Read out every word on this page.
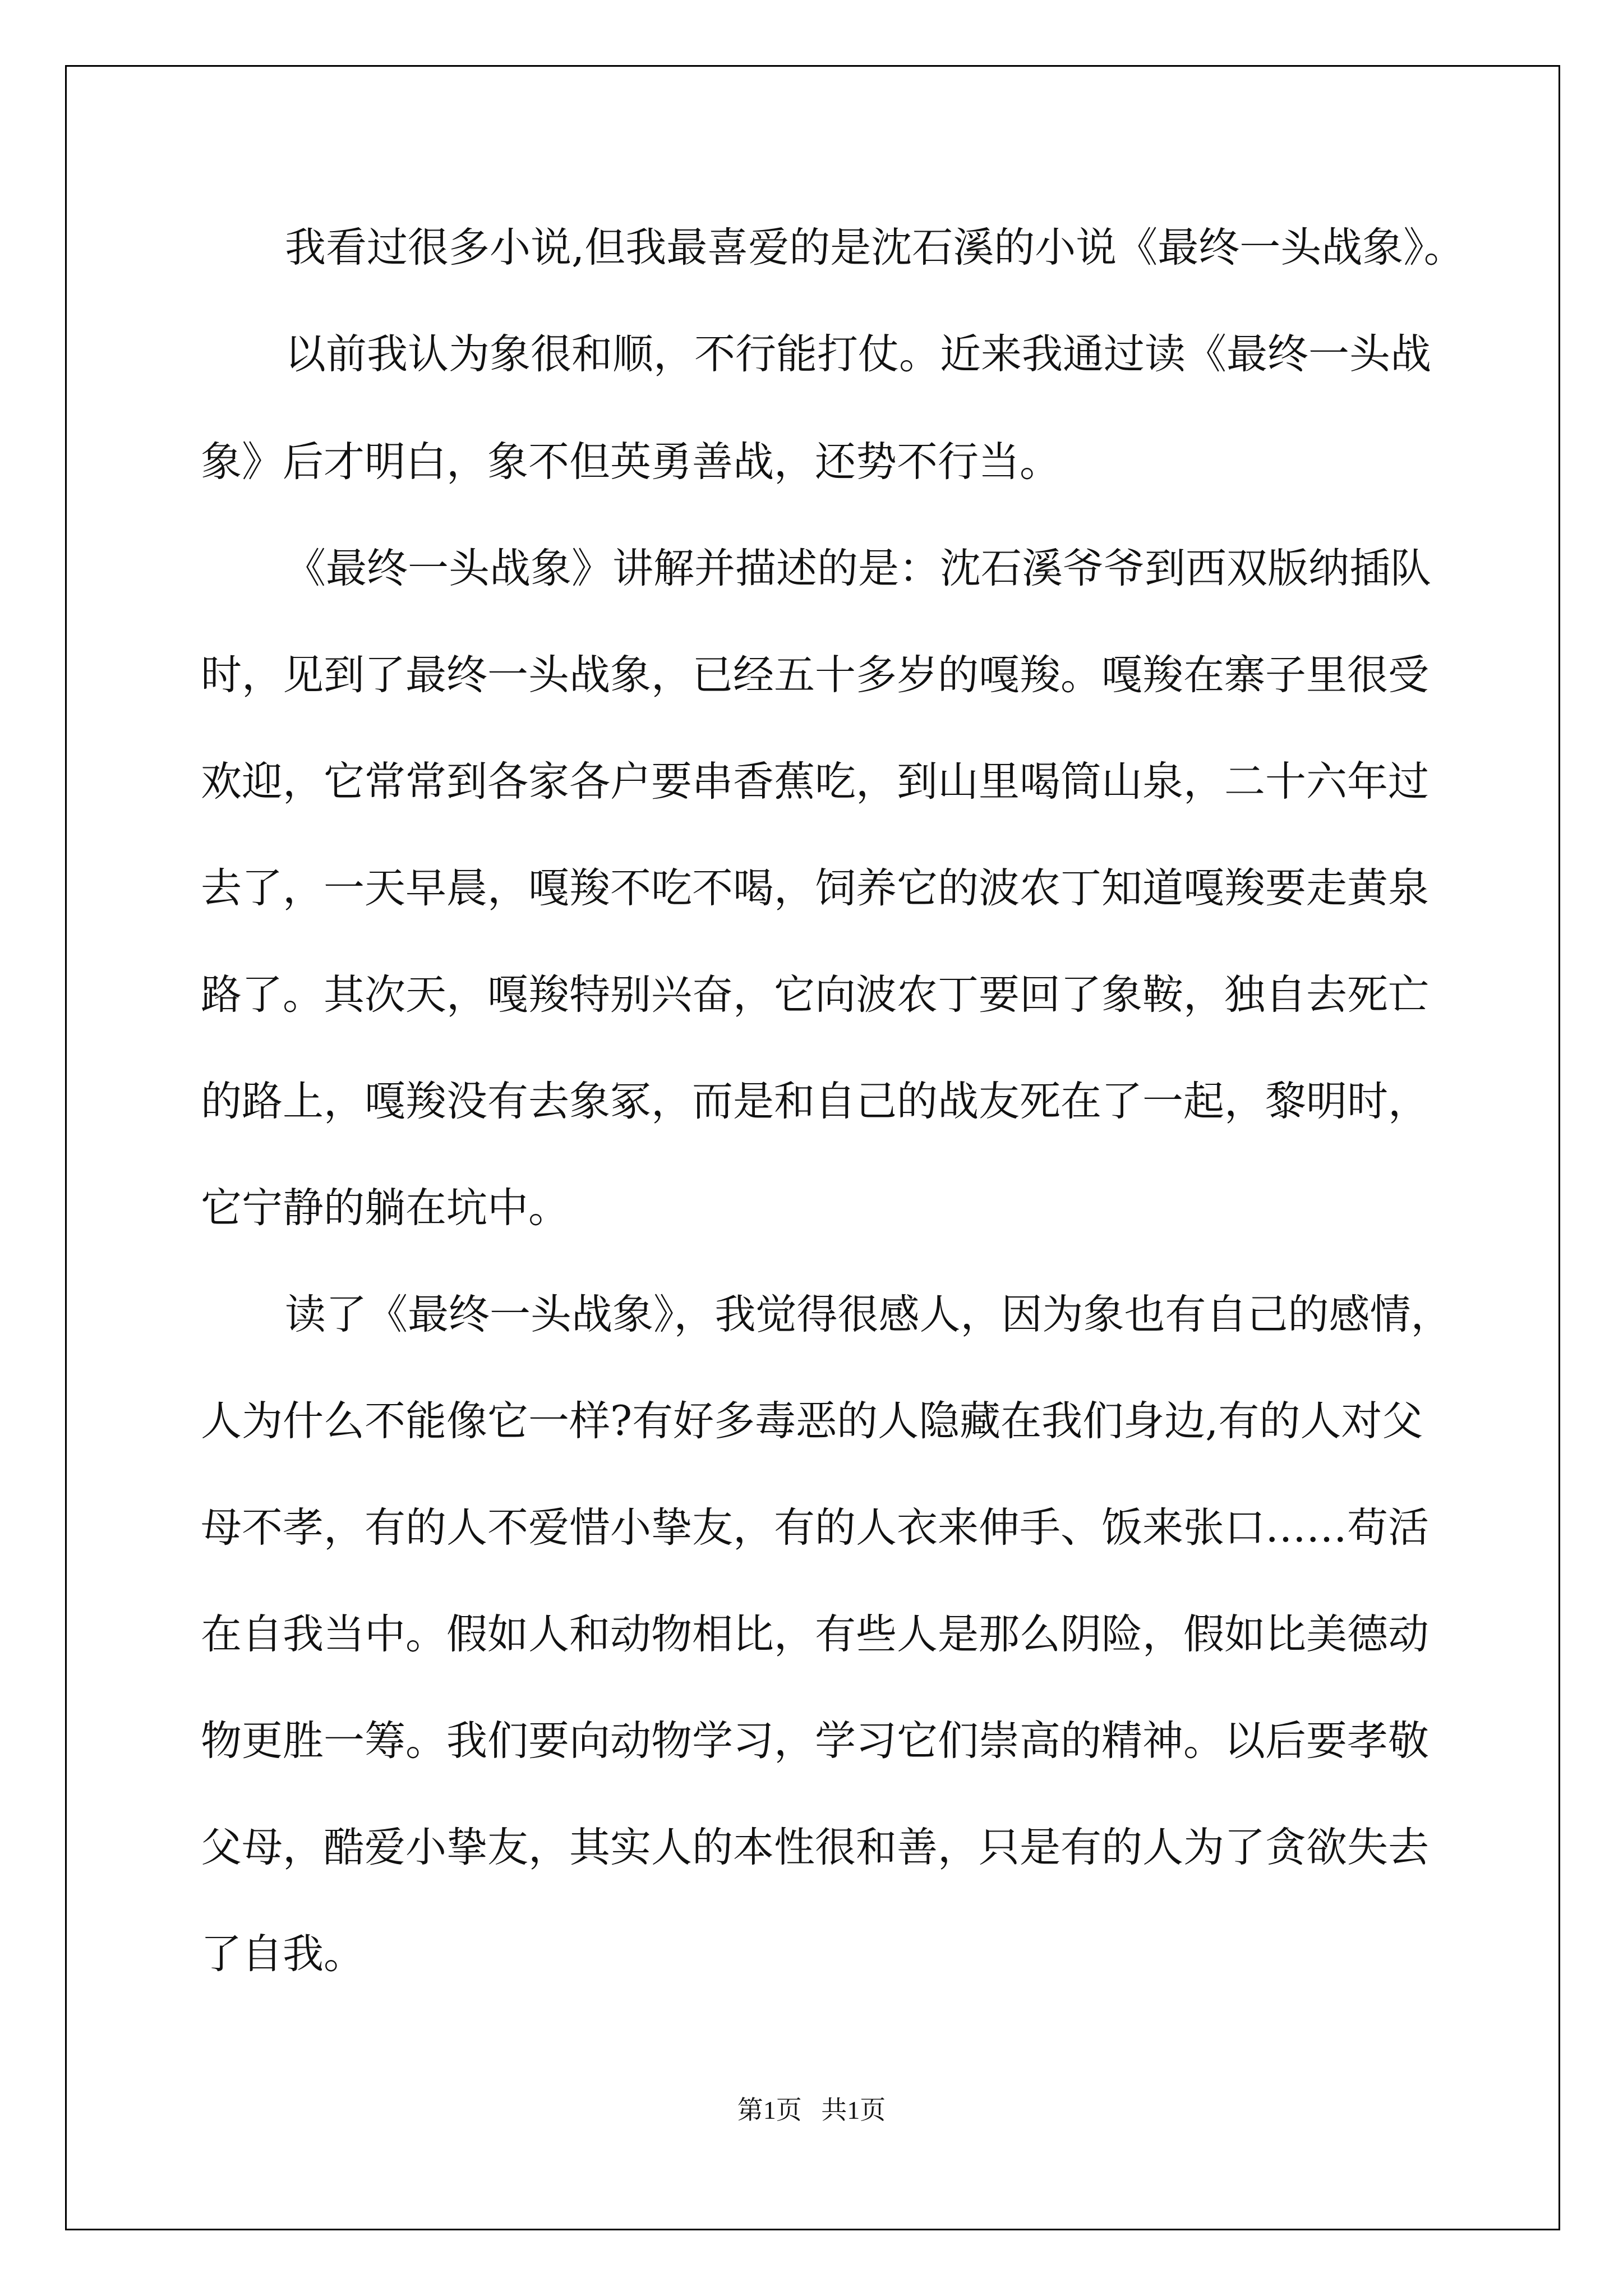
我看过很多小说,但我最喜爱的是沈石溪的小说《最终一头战象》。

以前我认为象很和顺，不行能打仗。近来我通过读《最终一头战

象》后才明白，象不但英勇善战，还势不行当。

《最终一头战象》讲解并描述的是：沈石溪爷爷到西双版纳插队

时，见到了最终一头战象，已经五十多岁的嘎羧。嘎羧在寨子里很受

欢迎，它常常到各家各户要串香蕉吃，到山里喝筒山泉，二十六年过

去了，一天早晨，嘎羧不吃不喝，饲养它的波农丁知道嘎羧要走黄泉

路了。其次天，嘎羧特别兴奋，它向波农丁要回了象鞍，独自去死亡

的路上，嘎羧没有去象冢，而是和自己的战友死在了一起，黎明时，

它宁静的躺在坑中。

读了《最终一头战象》，我觉得很感人，因为象也有自己的感情，

人为什么不能像它一样?有好多毒恶的人隐藏在我们身边,有的人对父

母不孝，有的人不爱惜小挚友，有的人衣来伸手、饭来张口……苟活

在自我当中。假如人和动物相比，有些人是那么阴险，假如比美德动

物更胜一筹。我们要向动物学习，学习它们崇高的精神。以后要孝敬

父母，酷爱小挚友，其实人的本性很和善，只是有的人为了贪欲失去

了自我。

第1页   共1页
